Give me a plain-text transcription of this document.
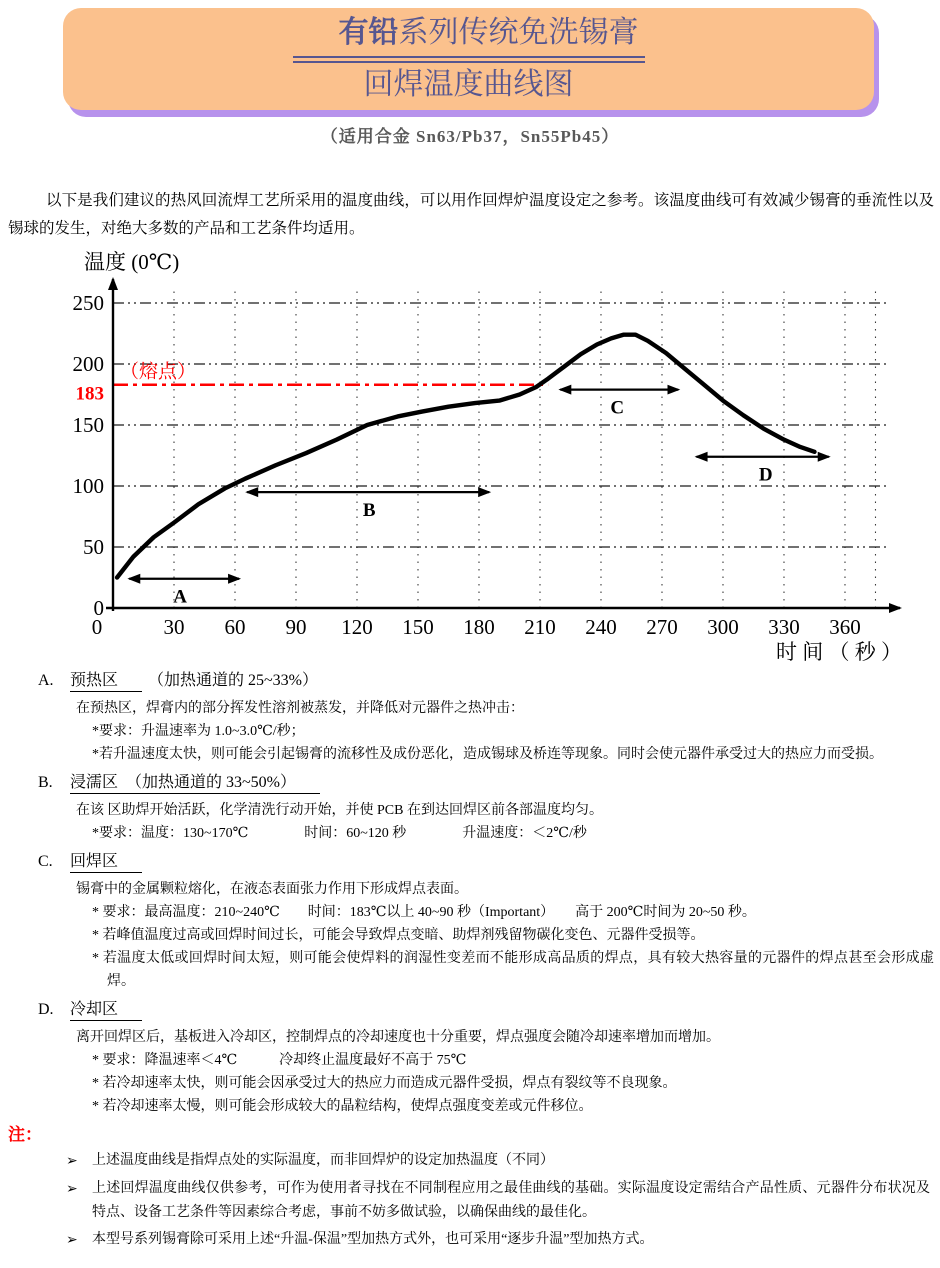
有铅系列传统免洗锡膏
回焊温度曲线图
（适用合金 Sn63/Pb37，Sn55Pb45）

以下是我们建议的热风回流焊工艺所采用的温度曲线，可以用作回焊炉温度设定之参考。该温度曲线可有效减少锡膏的垂流性以及锡球的发生，对绝大多数的产品和工艺条件均适用。

（熔点）
183
A
B
C
D
0
50
100
150
200
250
0	30 60 90 120 150 180 210 240 270 300 330 360
温度 (0℃)
时 间 （ 秒 ）
A. 预热区 （加热通道的 25~33%）
在预热区，焊膏内的部分挥发性溶剂被蒸发，并降低对元器件之热冲击：
*要求：升温速率为 1.0~3.0℃/秒；
*若升温速度太快，则可能会引起锡膏的流移性及成份恶化，造成锡球及桥连等现象。同时会使元器件承受过大的热应力而受损。
B. 浸濡区　（加热通道的 33~50%）
在该 区助焊开始活跃，化学清洗行动开始，并使 PCB 在到达回焊区前各部温度均匀。
*要求：温度：130~170℃　　　　时间：60~120 秒　　　　升温速度：＜2℃/秒
C. 回焊区
锡膏中的金属颗粒熔化，在液态表面张力作用下形成焊点表面。
* 要求：最高温度：210~240℃　　时间：183℃以上 40~90 秒（Important）　　高于 200℃时间为 20~50 秒。
* 若峰值温度过高或回焊时间过长，可能会导致焊点变暗、助焊剂残留物碳化变色、元器件受损等。
* 若温度太低或回焊时间太短，则可能会使焊料的润湿性变差而不能形成高品质的焊点，具有较大热容量的元器件的焊点甚至会形成虚焊。
D. 冷却区
离开回焊区后，基板进入冷却区，控制焊点的冷却速度也十分重要，焊点强度会随冷却速率增加而增加。
* 要求：降温速率＜4℃　　　冷却终止温度最好不高于 75℃
* 若冷却速率太快，则可能会因承受过大的热应力而造成元器件受损，焊点有裂纹等不良现象。
* 若冷却速率太慢，则可能会形成较大的晶粒结构，使焊点强度变差或元件移位。
注：
➢	上述温度曲线是指焊点处的实际温度，而非回焊炉的设定加热温度（不同）
➢	上述回焊温度曲线仅供参考，可作为使用者寻找在不同制程应用之最佳曲线的基础。实际温度设定需结合产品性质、元器件分布状况及特点、设备工艺条件等因素综合考虑，事前不妨多做试验，以确保曲线的最佳化。
➢	本型号系列锡膏除可采用上述“升温-保温”型加热方式外，也可采用“逐步升温”型加热方式。
